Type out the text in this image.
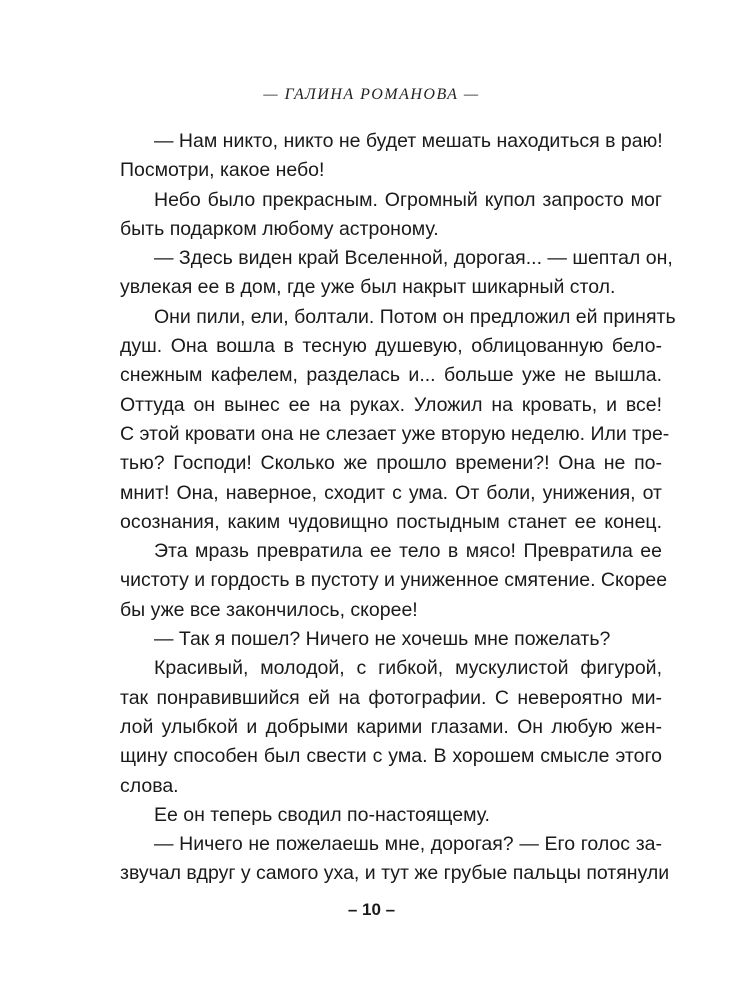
— ГАЛИНА РОМАНОВА —
— Нам никто, никто не будет мешать находиться в раю!
Посмотри, какое небо!
Небо было прекрасным. Огромный купол запросто мог
быть подарком любому астроному.
— Здесь виден край Вселенной, дорогая... — шептал он,
увлекая ее в дом, где уже был накрыт шикарный стол.
Они пили, ели, болтали. Потом он предложил ей принять
душ. Она вошла в тесную душевую, облицованную бело-
снежным кафелем, разделась и... больше уже не вышла.
Оттуда он вынес ее на руках. Уложил на кровать, и все!
С этой кровати она не слезает уже вторую неделю. Или тре-
тью? Господи! Сколько же прошло времени?! Она не по-
мнит! Она, наверное, сходит с ума. От боли, унижения, от
осознания, каким чудовищно постыдным станет ее конец.
Эта мразь превратила ее тело в мясо! Превратила ее
чистоту и гордость в пустоту и униженное смятение. Скорее
бы уже все закончилось, скорее!
— Так я пошел? Ничего не хочешь мне пожелать?
Красивый, молодой, с гибкой, мускулистой фигурой,
так понравившийся ей на фотографии. С невероятно ми-
лой улыбкой и добрыми карими глазами. Он любую жен-
щину способен был свести с ума. В хорошем смысле этого
слова.
Ее он теперь сводил по-настоящему.
— Ничего не пожелаешь мне, дорогая? — Его голос за-
звучал вдруг у самого уха, и тут же грубые пальцы потянули
– 10 –
